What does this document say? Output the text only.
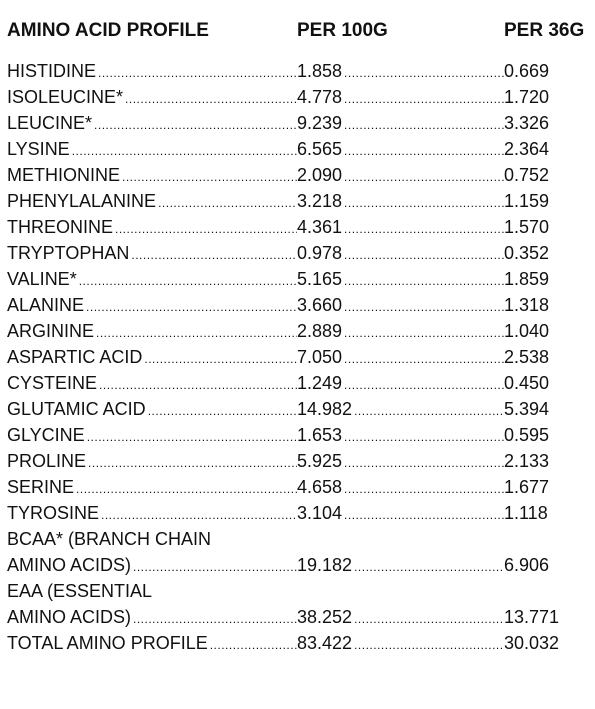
AMINO ACID PROFILE	PER 100G	PER 36G
HISTIDINE .....	1.858 .....	0.669
ISOLEUCINE* .....	4.778 .....	1.720
LEUCINE* .....	9.239 .....	3.326
LYSINE .....	6.565 .....	2.364
METHIONINE .....	2.090 .....	0.752
PHENYLALANINE .....	3.218 .....	1.159
THREONINE .....	4.361 .....	1.570
TRYPTOPHAN .....	0.978 .....	0.352
VALINE* .....	5.165 .....	1.859
ALANINE .....	3.660 .....	1.318
ARGININE .....	2.889 .....	1.040
ASPARTIC ACID .....	7.050 .....	2.538
CYSTEINE .....	1.249 .....	0.450
GLUTAMIC ACID .....	14.982 .....	5.394
GLYCINE .....	1.653 .....	0.595
PROLINE .....	5.925 .....	2.133
SERINE .....	4.658 .....	1.677
TYROSINE .....	3.104 .....	1.118
BCAA* (BRANCH CHAIN
AMINO ACIDS) .....	19.182 .....	6.906
EAA (ESSENTIAL
AMINO ACIDS) .....	38.252 .....	13.771
TOTAL AMINO PROFILE .....	83.422 .....	30.032
